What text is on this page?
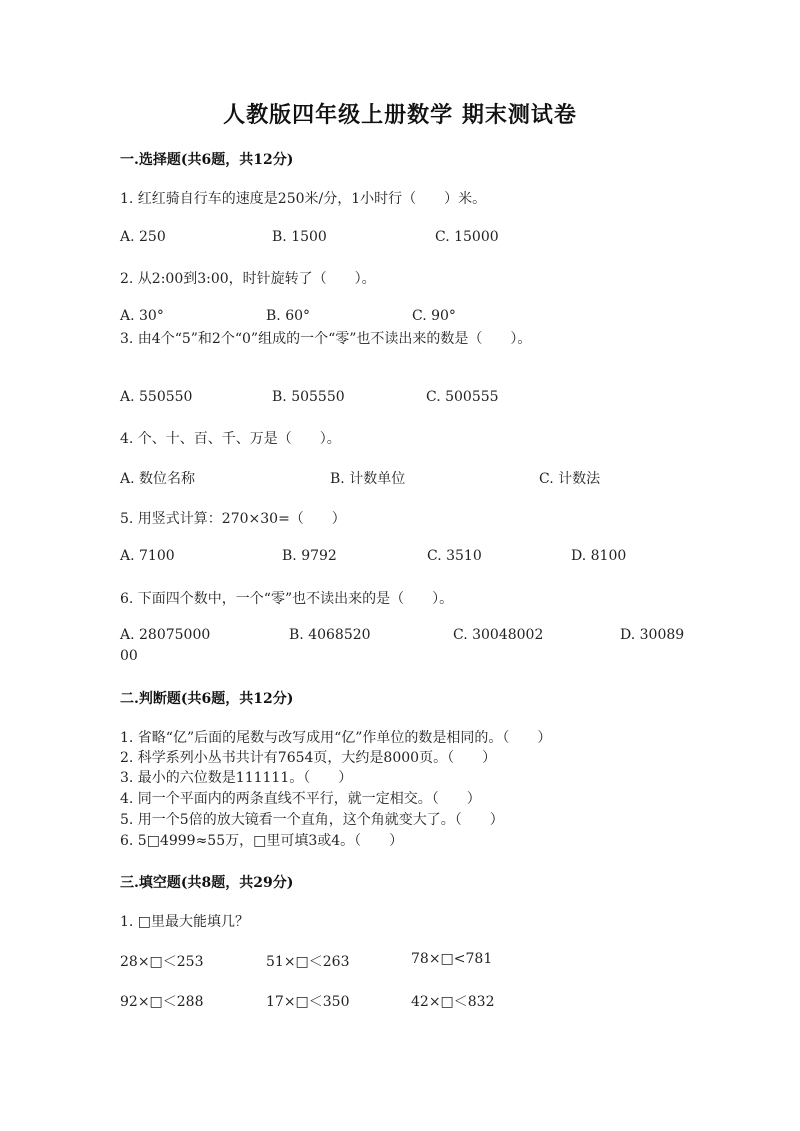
人教版四年级上册数学 期末测试卷
一.选择题(共6题，共12分)
1. 红红骑自行车的速度是250米/分，1小时行（　　）米。
A. 250	B. 1500	C. 15000
2. 从2:00到3:00，时针旋转了（　　）。
A. 30°	B. 60°	C. 90°
3. 由4个“5”和2个“0”组成的一个“零”也不读出来的数是（　　）。
A. 550550	B. 505550	C. 500555
4. 个、十、百、千、万是（　　）。
A. 数位名称	B. 计数单位	C. 计数法
5. 用竖式计算：270×30=（　　）
A. 7100	B. 9792	C. 3510	D. 8100
6. 下面四个数中，一个“零”也不读出来的是（　　）。
A. 28075000	B. 4068520	C. 30048002	D. 30089
00
二.判断题(共6题，共12分)
1. 省略“亿”后面的尾数与改写成用“亿”作单位的数是相同的。（　　）
2. 科学系列小丛书共计有7654页，大约是8000页。（　　）
3. 最小的六位数是111111。（　　）
4. 同一个平面内的两条直线不平行，就一定相交。（　　）
5. 用一个5倍的放大镜看一个直角，这个角就变大了。（　　）
6. 5□4999≈55万，□里可填3或4。（　　）
三.填空题(共8题，共29分)
1. □里最大能填几？
28×□＜253	51×□＜263	78×□<781
92×□＜288	17×□＜350	42×□＜832
